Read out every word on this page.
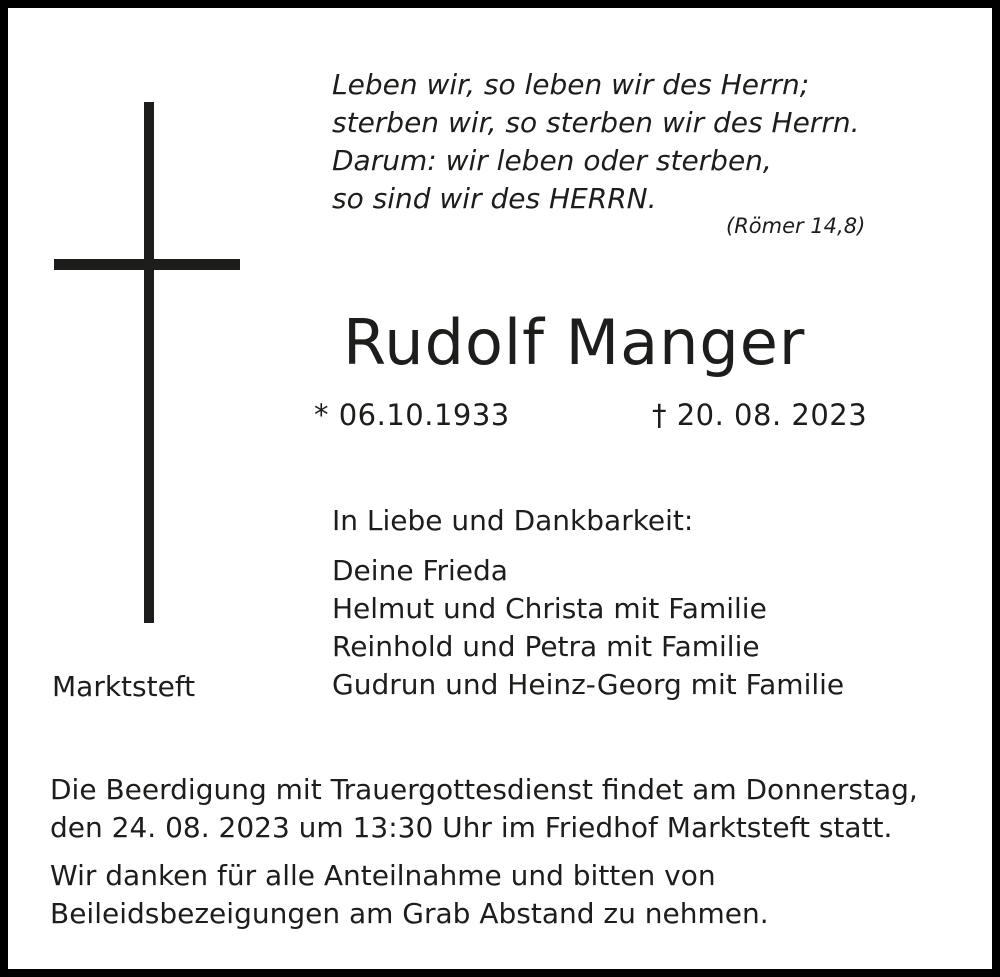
Leben wir, so leben wir des Herrn;
sterben wir, so sterben wir des Herrn.
Darum: wir leben oder sterben,
so sind wir des HERRN.
(Römer 14,8)
Rudolf Manger
* 06.10.1933	† 20. 08. 2023
In Liebe und Dankbarkeit:
Deine Frieda
Helmut und Christa mit Familie
Reinhold und Petra mit Familie
Gudrun und Heinz-Georg mit Familie
Marktsteft
Die Beerdigung mit Trauergottesdienst findet am Donnerstag,
den 24. 08. 2023 um 13:30 Uhr im Friedhof Marktsteft statt.
Wir danken für alle Anteilnahme und bitten von
Beileidsbezeigungen am Grab Abstand zu nehmen.
